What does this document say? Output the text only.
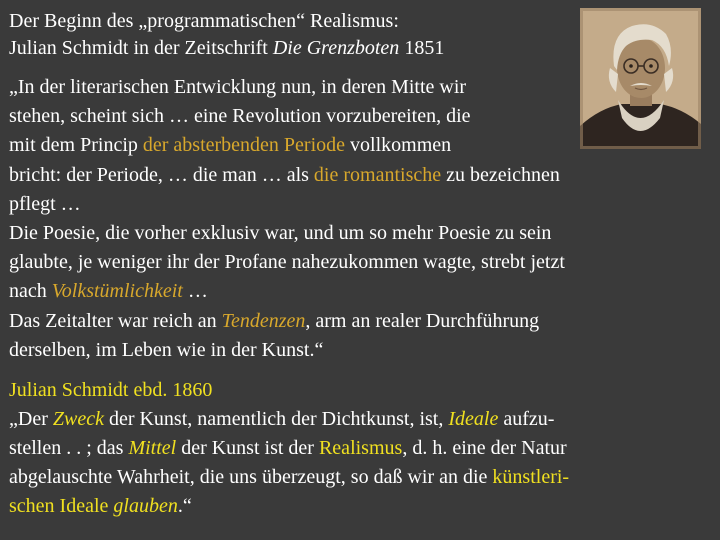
Der Beginn des „programmatischen“ Realismus:
Julian Schmidt in der Zeitschrift Die Grenzboten 1851
„In der literarischen Entwicklung nun, in deren Mitte wir
stehen, scheint sich … eine Revolution vorzubereiten, die
mit dem Princip der absterbenden Periode vollkommen
bricht: der Periode, … die man … als die romantische zu bezeichnen
pflegt …
Die Poesie, die vorher exklusiv war, und um so mehr Poesie zu sein
glaubte, je weniger ihr der Profane nahezukommen wagte, strebt jetzt
nach Volkstümlichkeit …
Das Zeitalter war reich an Tendenzen, arm an realer Durchführung
derselben, im Leben wie in der Kunst.“
Julian Schmidt ebd. 1860
„Der Zweck der Kunst, namentlich der Dichtkunst, ist, Ideale aufzu-
stellen . . ; das Mittel der Kunst ist der Realismus, d. h. eine der Natur
abgelauschte Wahrheit, die uns überzeugt, so daß wir an die künstleri-
schen Ideale glauben.“
